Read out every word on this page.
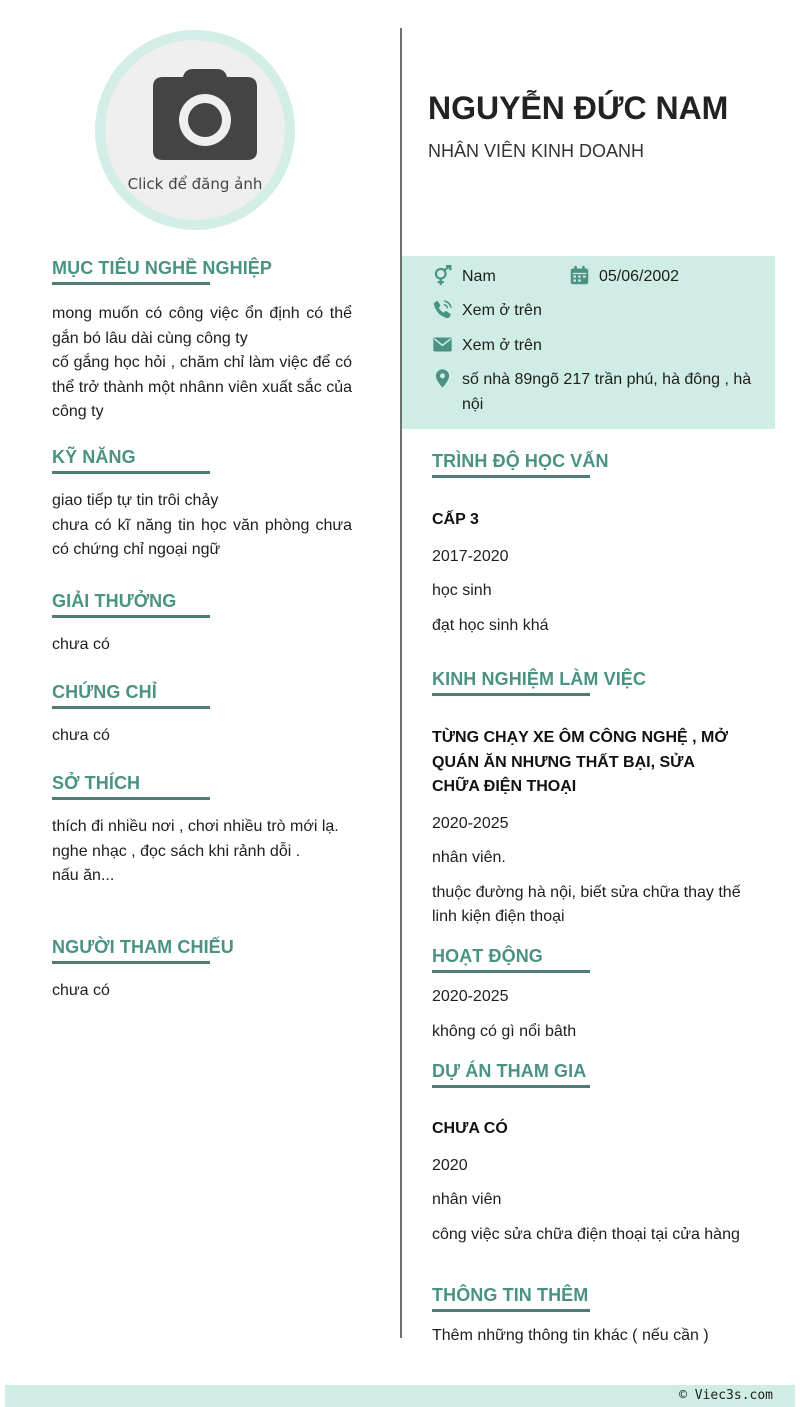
Click để đăng ảnh
MỤC TIÊU NGHỀ NGHIỆP

mong muốn có công việc ổn định có thể gắn bó lâu dài cùng công ty

cố gắng học hỏi , chăm chỉ làm việc để có thể trở thành một nhânn viên xuất sắc của công ty

KỸ NĂNG

giao tiếp tự tin trôi chảy

chưa có kĩ năng tin học văn phòng chưa có chứng chỉ ngoại ngữ

GIẢI THƯỞNG
chưa có
CHỨNG CHỈ
chưa có
SỞ THÍCH

thích đi nhiều nơi , chơi nhiều trò mới lạ.

nghe nhạc , đọc sách khi rảnh dỗi .

nấu ăn...

NGƯỜI THAM CHIẾU
chưa có
NGUYỄN ĐỨC NAM
NHÂN VIÊN KINH DOANH
Nam	05/06/2002
Xem ở trên
Xem ở trên
số nhà 89ngõ 217 trần phú, hà đông , hà nội
TRÌNH ĐỘ HỌC VẤN
CẤP 3
2017-2020
học sinh
đạt học sinh khá
KINH NGHIỆM LÀM VIỆC
TỪNG CHẠY XE ÔM CÔNG NGHỆ , MỞ QUÁN ĂN NHƯNG THẤT BẠI, SỬA CHỮA ĐIỆN THOẠI
2020-2025
nhân viên.
thuộc đường hà nội, biết sửa chữa thay thế linh kiện điện thoại
HOẠT ĐỘNG
2020-2025
không có gì nổi bâth
DỰ ÁN THAM GIA
CHƯA CÓ
2020
nhân viên
công việc sửa chữa điện thoại tại cửa hàng
THÔNG TIN THÊM
Thêm những thông tin khác ( nếu cần )
© Viec3s.com
